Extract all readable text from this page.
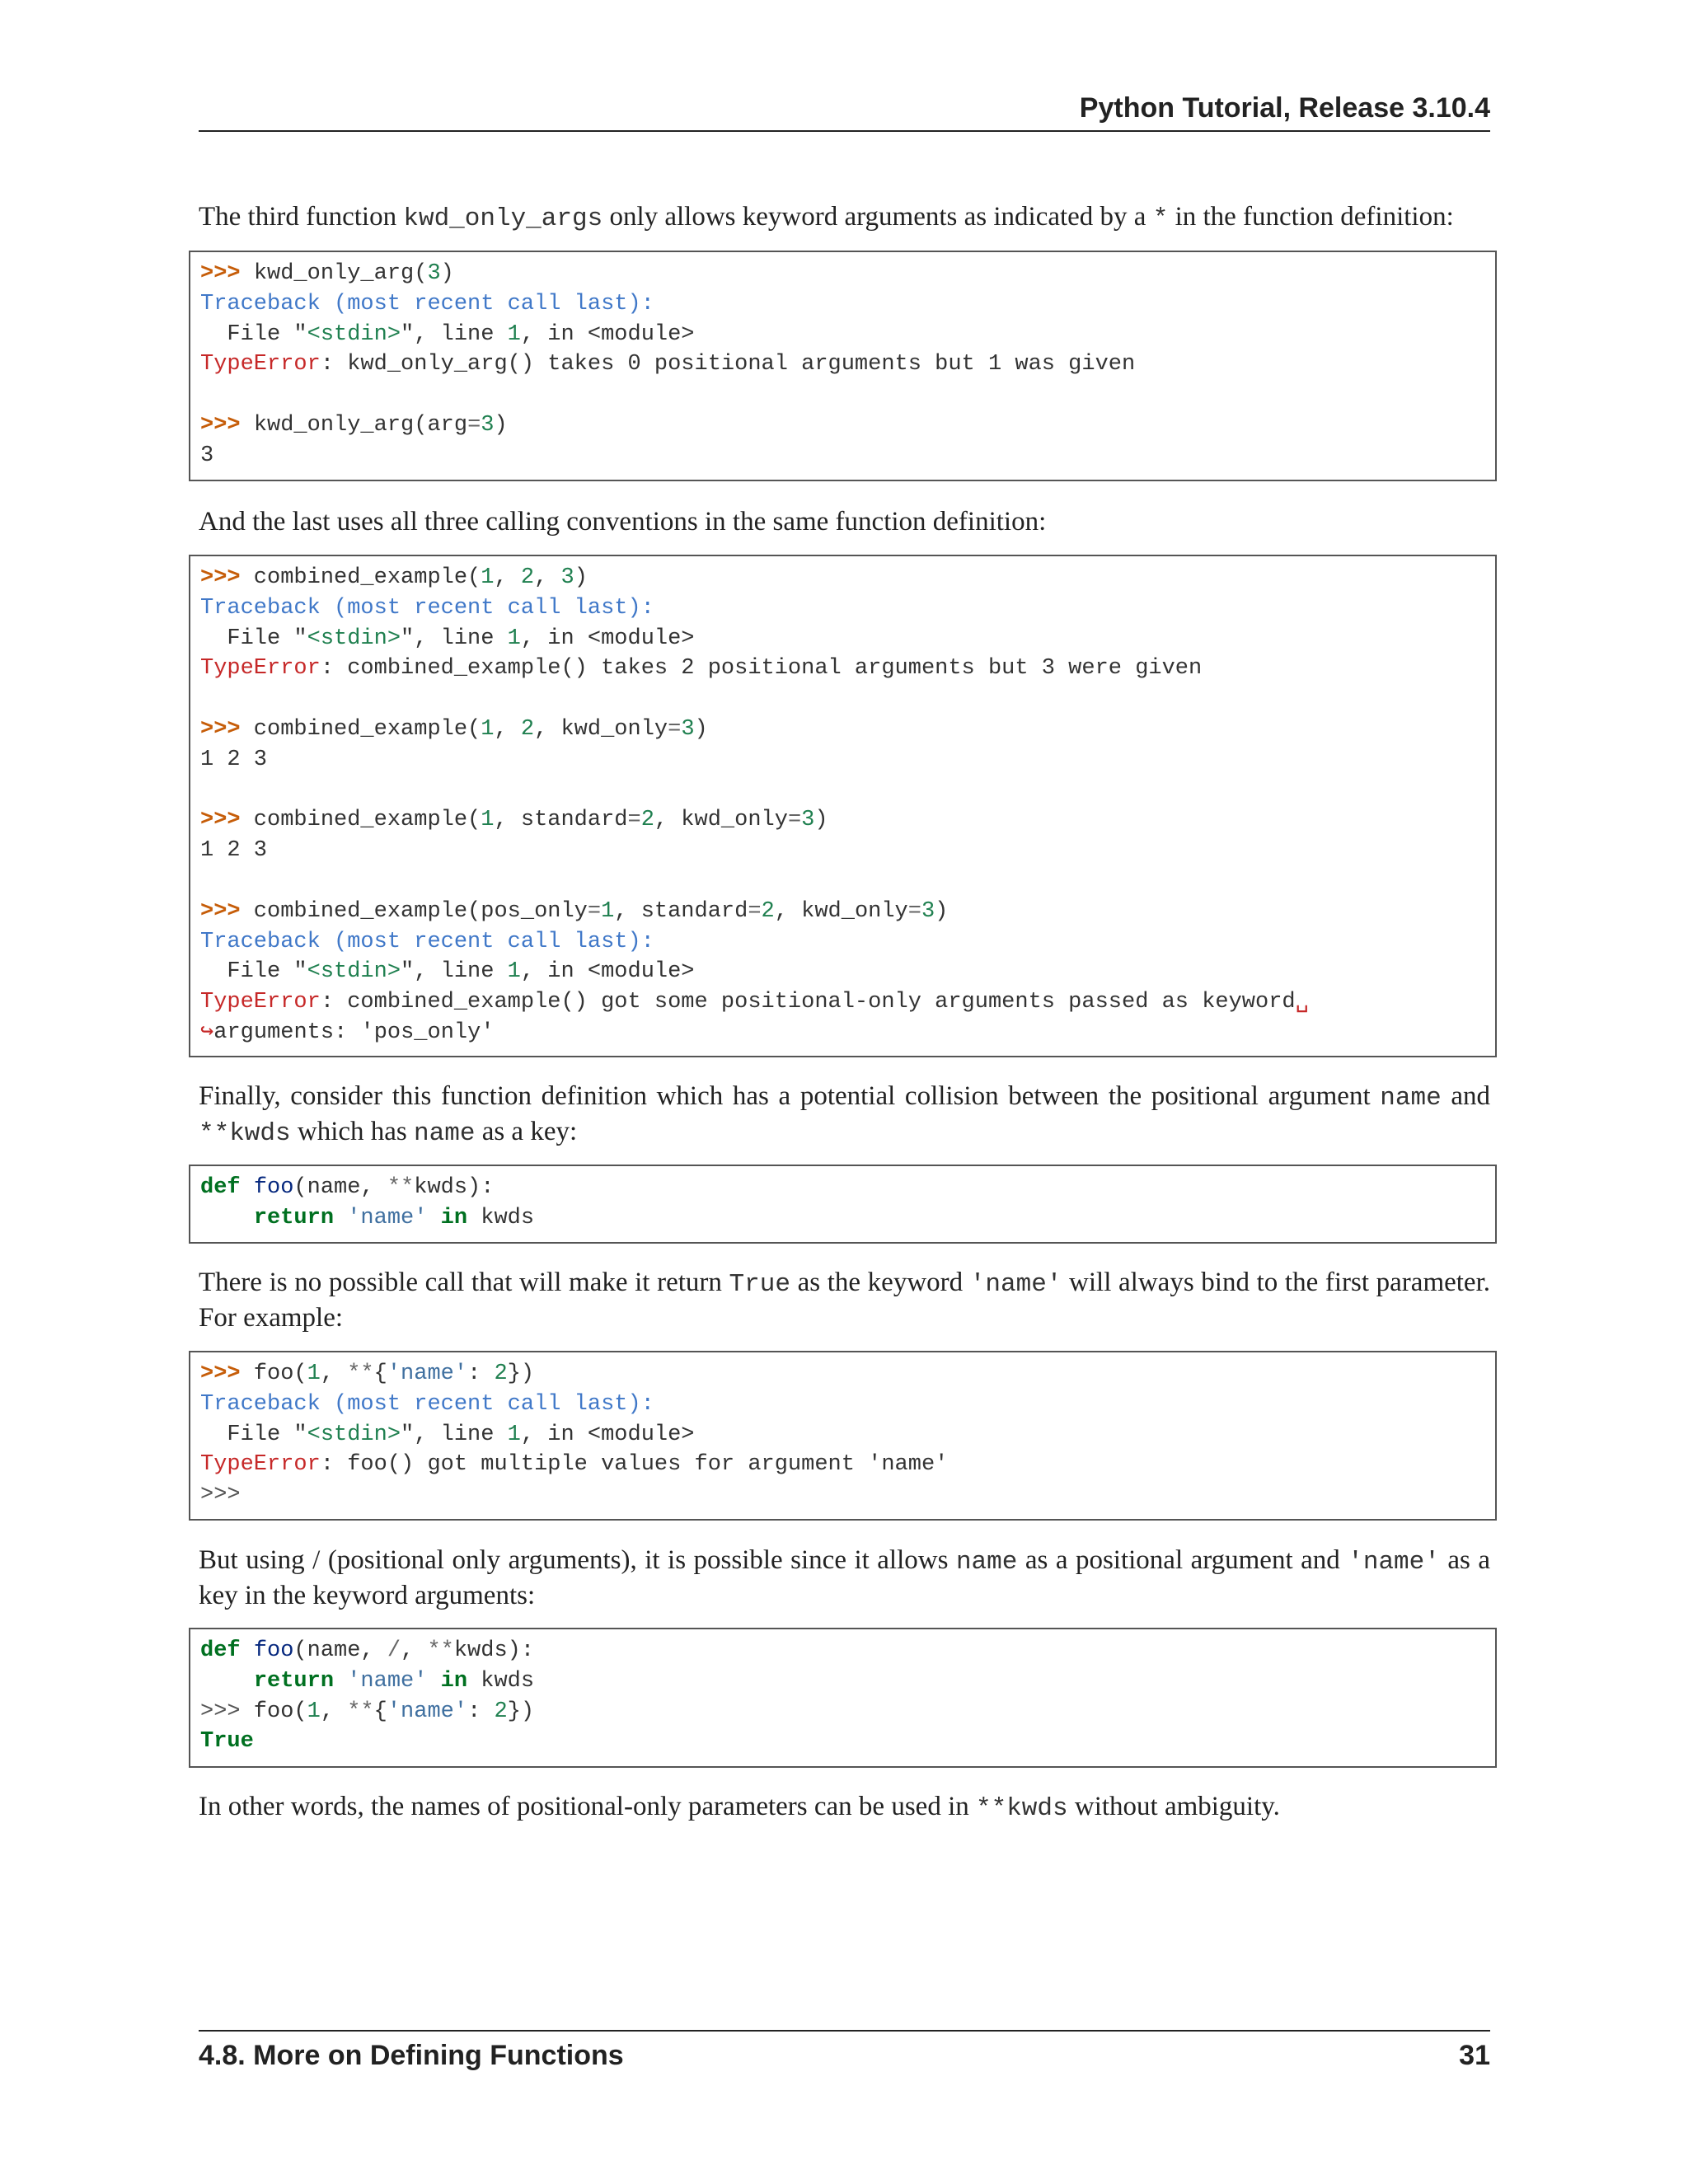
Python Tutorial, Release 3.10.4
The third function kwd_only_args only allows keyword arguments as indicated by a * in the function definition:
>>> kwd_only_arg(3)
Traceback (most recent call last):
File "<stdin>", line 1, in <module>
TypeError: kwd_only_arg() takes 0 positional arguments but 1 was given

>>> kwd_only_arg(arg=3)
3
And the last uses all three calling conventions in the same function definition:
>>> combined_example(1, 2, 3)
Traceback (most recent call last):
File "<stdin>", line 1, in <module>
TypeError: combined_example() takes 2 positional arguments but 3 were given

>>> combined_example(1, 2, kwd_only=3)
1 2 3

>>> combined_example(1, standard=2, kwd_only=3)
1 2 3

>>> combined_example(pos_only=1, standard=2, kwd_only=3)
Traceback (most recent call last):
File "<stdin>", line 1, in <module>
TypeError: combined_example() got some positional-only arguments passed as keyword␣
↪arguments: 'pos_only'
Finally, consider this function definition which has a potential collision between the positional argument name and **kwds which has name as a key:
def foo(name, **kwds):
return 'name' in kwds
There is no possible call that will make it return True as the keyword 'name' will always bind to the first parameter. For example:
>>> foo(1, **{'name': 2})
Traceback (most recent call last):
File "<stdin>", line 1, in <module>
TypeError: foo() got multiple values for argument 'name'
>>>
But using / (positional only arguments), it is possible since it allows name as a positional argument and 'name' as a key in the keyword arguments:
def foo(name, /, **kwds):
return 'name' in kwds
>>> foo(1, **{'name': 2})
True
In other words, the names of positional-only parameters can be used in **kwds without ambiguity.
4.8. More on Defining Functions	31
